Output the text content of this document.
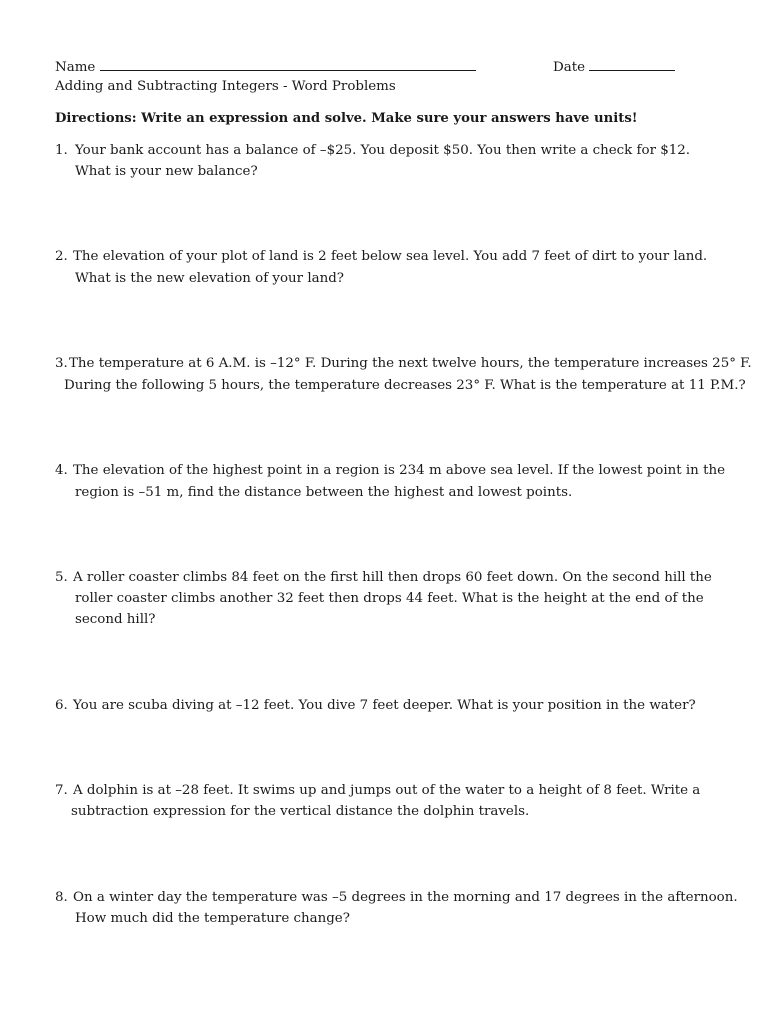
Name	Date
Adding and Subtracting Integers - Word Problems
Directions: Write an expression and solve. Make sure your answers have units!
1. Your bank account has a balance of –$25. You deposit $50. You then write a check for $12.
What is your new balance?
2. The elevation of your plot of land is 2 feet below sea level. You add 7 feet of dirt to your land.
What is the new elevation of your land?
3.The temperature at 6 A.M. is –12° F. During the next twelve hours, the temperature increases 25° F.
During the following 5 hours, the temperature decreases 23° F. What is the temperature at 11 P.M.?
4. The elevation of the highest point in a region is 234 m above sea level. If the lowest point in the
region is –51 m, find the distance between the highest and lowest points.
5. A roller coaster climbs 84 feet on the first hill then drops 60 feet down. On the second hill the
roller coaster climbs another 32 feet then drops 44 feet. What is the height at the end of the
second hill?
6. You are scuba diving at –12 feet. You dive 7 feet deeper. What is your position in the water?
7. A dolphin is at –28 feet. It swims up and jumps out of the water to a height of 8 feet. Write a
subtraction expression for the vertical distance the dolphin travels.
8. On a winter day the temperature was –5 degrees in the morning and 17 degrees in the afternoon.
How much did the temperature change?
